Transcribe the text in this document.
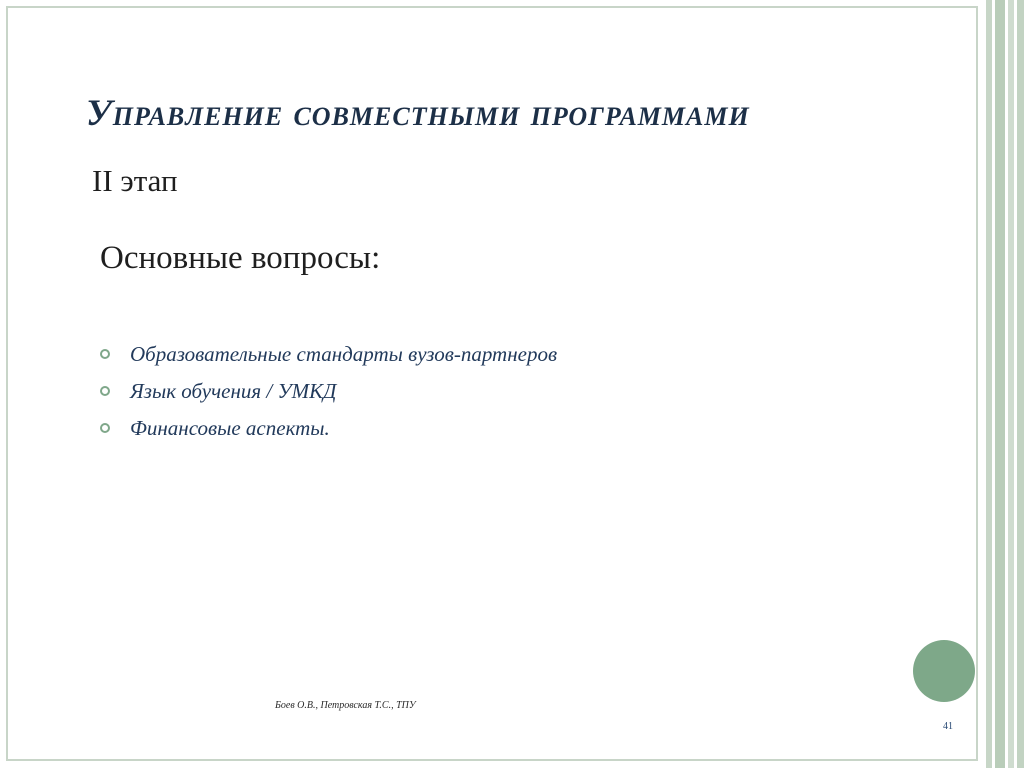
Управление совместными программами
II этап
Основные вопросы:
Образовательные стандарты вузов-партнеров
Язык обучения / УМКД
Финансовые аспекты.
Боев О.В., Петровская Т.С., ТПУ
41
